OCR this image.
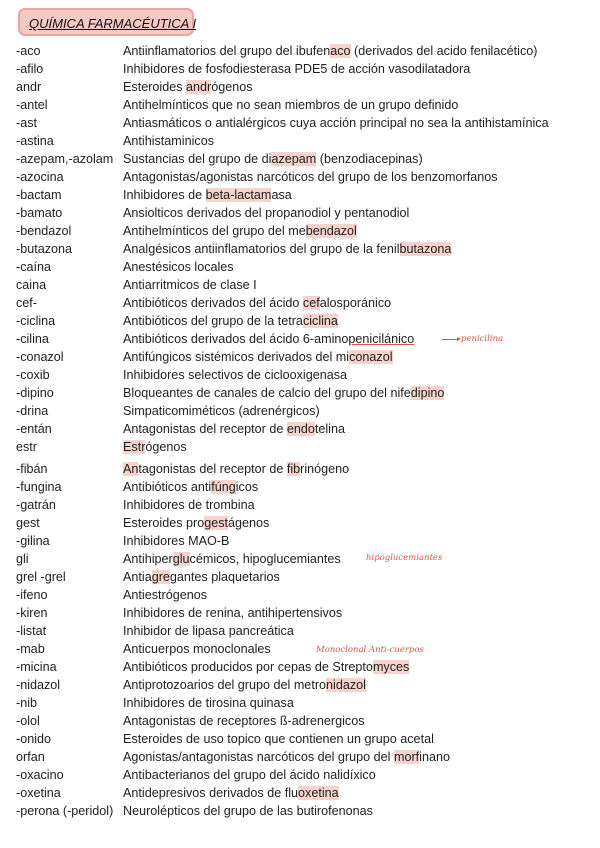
QUÍMICA FARMACÉUTICA I
-aco	Antiinflamatorios del grupo del ibufenaco (derivados del acido fenilacético)
-afilo	Inhibidores de fosfodiesterasa PDE5 de acción vasodilatadora
andr	Esteroides andrógenos
-antel	Antihelmínticos que no sean miembros de un grupo definido
-ast	Antiasmáticos o antialérgicos cuya acción principal no sea la antihistamínica
-astina	Antihistaminicos
-azepam,-azolam Sustancias del grupo de diazepam (benzodiacepinas)
-azocina	Antagonistas/agonistas narcóticos del grupo de los benzomorfanos
-bactam	Inhibidores de beta-lactamasa
-bamato	Ansiolticos derivados del propanodiol y pentanodiol
-bendazol	Antihelmínticos del grupo del mebendazol
-butazona	Analgésicos antiinflamatorios del grupo de la fenilbutazona
-caína	Anestésicos locales
caina	Antiarritmicos de clase I
cef-	Antibióticos derivados del ácido cefalosporánico
-ciclina	Antibióticos del grupo de la tetraciclina
-cilina	Antibióticos derivados del ácido 6-aminopenicilánico
-conazol	Antifúngicos sistémicos derivados del miconazol
-coxib	Inhibidores selectivos de ciclooxigenasa
-dipino	Bloqueantes de canales de calcio del grupo del nifedipino
-drina	Simpaticomiméticos (adrenérgicos)
-entán	Antagonistas del receptor de endotelina
estr	Estrógenos
-fibán	Antagonistas del receptor de fibrinógeno
-fungina	Antibióticos antifúngicos
-gatrán	Inhibidores de trombina
gest	Esteroides progestágenos
-gilina	Inhibidores MAO-B
gli	Antihiperglucémicos, hipoglucemiantes
grel -grel	Antiagregantes plaquetarios
-ifeno	Antiestrógenos
-kiren	Inhibidores de renina, antihipertensivos
-listat	Inhibidor de lipasa pancreática
-mab	Anticuerpos monoclonales
-micina	Antibióticos producidos por cepas de Streptomyces
-nidazol	Antiprotozoarios del grupo del metronidazol
-nib	Inhibidores de tirosina quinasa
-olol	Antagonistas de receptores ß-adrenergicos
-onido	Esteroides de uso topico que contienen un grupo acetal
orfan	Agonistas/antagonistas narcóticos del grupo del morfinano
-oxacino	Antibacterianos del grupo del ácido nalidíxico
-oxetina	Antidepresivos derivados de fluoxetina
-perona (-peridol) Neurolépticos del grupo de las butirofenonas
penicilina
hipoglucemiantes
Monoclonal Anti-cuerpos
